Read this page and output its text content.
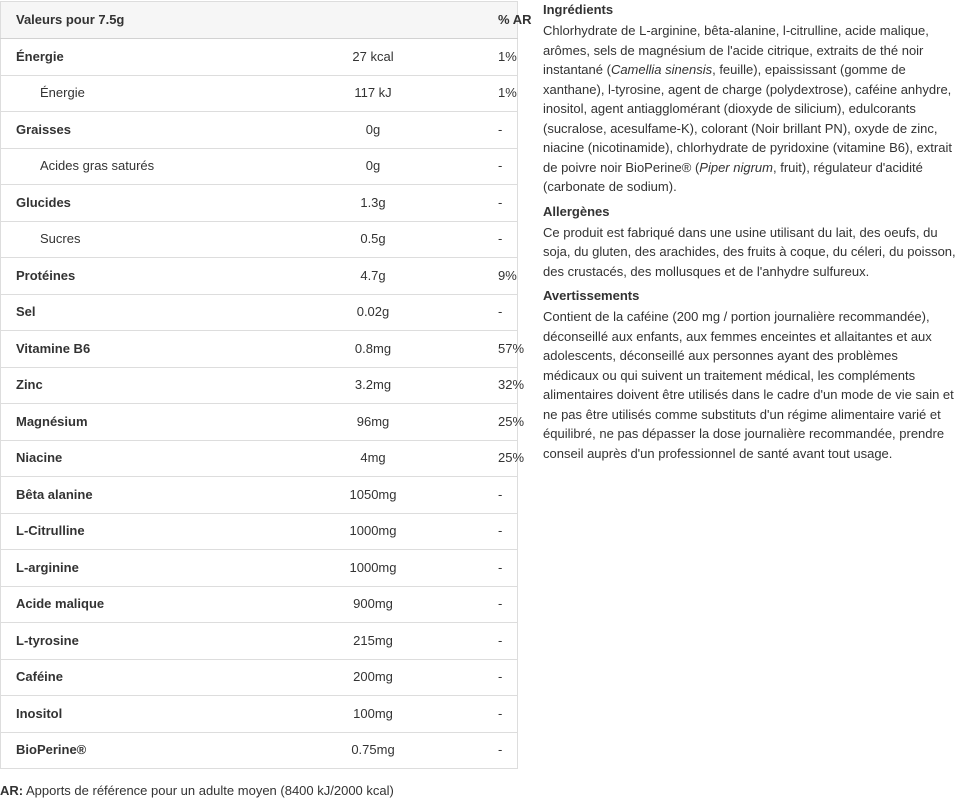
Valeurs pour 7.5g		% AR
Énergie	27 kcal	1%
Énergie	117 kJ	1%
Graisses	0g	-
Acides gras saturés	0g	-
Glucides	1.3g	-
Sucres	0.5g	-
Protéines	4.7g	9%
Sel	0.02g	-
Vitamine B6	0.8mg	57%
Zinc	3.2mg	32%
Magnésium	96mg	25%
Niacine	4mg	25%
Bêta alanine	1050mg	-
L-Citrulline	1000mg	-
L-arginine	1000mg	-
Acide malique	900mg	-
L-tyrosine	215mg	-
Caféine	200mg	-
Inositol	100mg	-
BioPerine®	0.75mg	-
AR: Apports de référence pour un adulte moyen (8400 kJ/2000 kcal)
Ingrédients

Chlorhydrate de L-arginine, bêta-alanine, l-citrulline, acide malique, arômes, sels de magnésium de l'acide citrique, extraits de thé noir instantané (Camellia sinensis, feuille), epaississant (gomme de xanthane), l-tyrosine, agent de charge (polydextrose), caféine anhydre, inositol, agent antiagglomérant (dioxyde de silicium), edulcorants (sucralose, acesulfame-K), colorant (Noir brillant PN), oxyde de zinc, niacine (nicotinamide), chlorhydrate de pyridoxine (vitamine B6), extrait de poivre noir BioPerine® (Piper nigrum, fruit), régulateur d'acidité (carbonate de sodium).

Allergènes

Ce produit est fabriqué dans une usine utilisant du lait, des oeufs, du soja, du gluten, des arachides, des fruits à coque, du céleri, du poisson, des crustacés, des mollusques et de l'anhydre sulfureux.

Avertissements

Contient de la caféine (200 mg / portion journalière recommandée), déconseillé aux enfants, aux femmes enceintes et allaitantes et aux adolescents, déconseillé aux personnes ayant des problèmes médicaux ou qui suivent un traitement médical, les compléments alimentaires doivent être utilisés dans le cadre d'un mode de vie sain et ne pas être utilisés comme substituts d'un régime alimentaire varié et équilibré, ne pas dépasser la dose journalière recommandée, prendre conseil auprès d'un professionnel de santé avant tout usage.
